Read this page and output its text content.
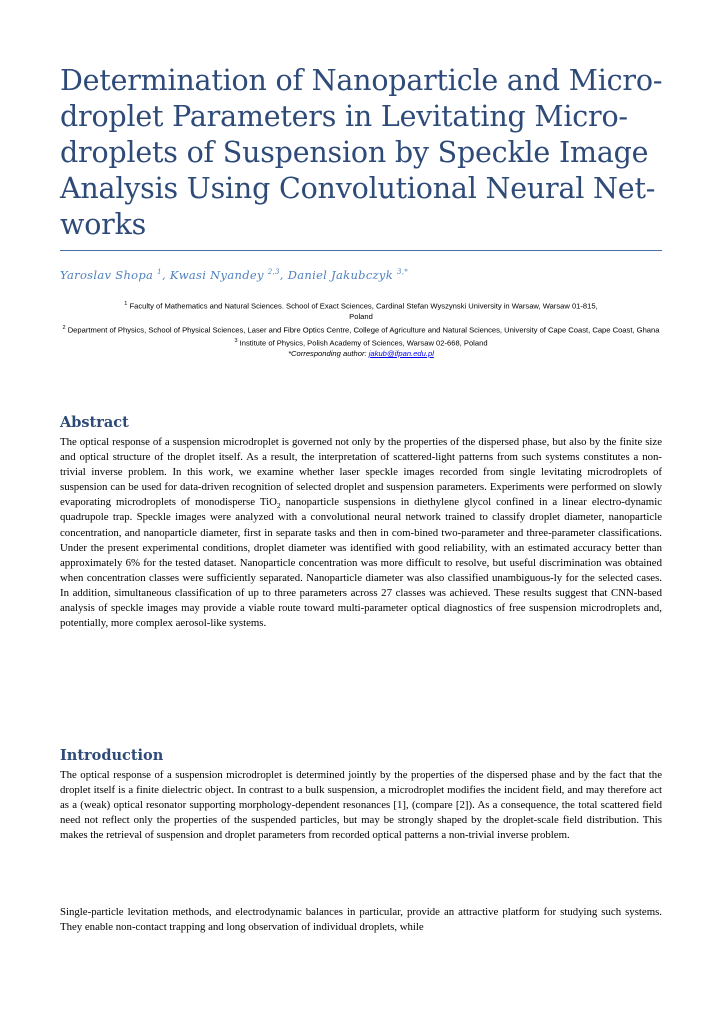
Determination of Nanoparticle and Micro-droplet Parameters in Levitating Micro-droplets of Suspension by Speckle Image Analysis Using Convolutional Neural Net-works
Yaroslav Shopa $^1$, Kwasi Nyandey $^{2,3}$, Daniel Jakubczyk $^{3,*}$
$^1$ Faculty of Mathematics and Natural Sciences. School of Exact Sciences, Cardinal Stefan Wyszynski University in Warsaw, Warsaw 01-815, Poland
$^2$ Department of Physics, School of Physical Sciences, Laser and Fibre Optics Centre, College of Agriculture and Natural Sciences, University of Cape Coast, Cape Coast, Ghana
$^3$ Institute of Physics, Polish Academy of Sciences, Warsaw 02-668, Poland
*Corresponding author: jakub@ifpan.edu.pl
Abstract

The optical response of a suspension microdroplet is governed not only by the properties of the dispersed phase, but also by the finite size and optical structure of the droplet itself. As a result, the interpretation of scattered-light patterns from such systems constitutes a non-trivial inverse problem. In this work, we examine whether laser speckle images recorded from single levitating microdroplets of suspension can be used for data-driven recognition of selected droplet and suspension parameters. Experiments were performed on slowly evaporating microdroplets of monodisperse TiO$_2$ nanoparticle suspensions in diethylene glycol confined in a linear electro-dynamic quadrupole trap. Speckle images were analyzed with a convolutional neural network trained to classify droplet diameter, nanoparticle concentration, and nanoparticle diameter, first in separate tasks and then in com-bined two-parameter and three-parameter classifications. Under the present experimental conditions, droplet diameter was identified with good reliability, with an estimated accuracy better than approximately 6% for the tested dataset. Nanoparticle concentration was more difficult to resolve, but useful discrimination was obtained when concentration classes were sufficiently separated. Nanoparticle diameter was also classified unambiguous-ly for the selected cases. In addition, simultaneous classification of up to three parameters across 27 classes was achieved. These results suggest that CNN-based analysis of speckle images may provide a viable route toward multi-parameter optical diagnostics of free suspension microdroplets and, potentially, more complex aerosol-like systems.

Introduction

The optical response of a suspension microdroplet is determined jointly by the properties of the dispersed phase and by the fact that the droplet itself is a finite dielectric object. In contrast to a bulk suspension, a microdroplet modifies the incident field, and may therefore act as a (weak) optical resonator supporting morphology-dependent resonances [1], (compare [2]). As a consequence, the total scattered field need not reflect only the properties of the suspended particles, but may be strongly shaped by the droplet-scale field distribution. This makes the retrieval of suspension and droplet parameters from recorded optical patterns a non-trivial inverse problem.

Single-particle levitation methods, and electrodynamic balances in particular, provide an attractive platform for studying such systems. They enable non-contact trapping and long observation of individual droplets, while
